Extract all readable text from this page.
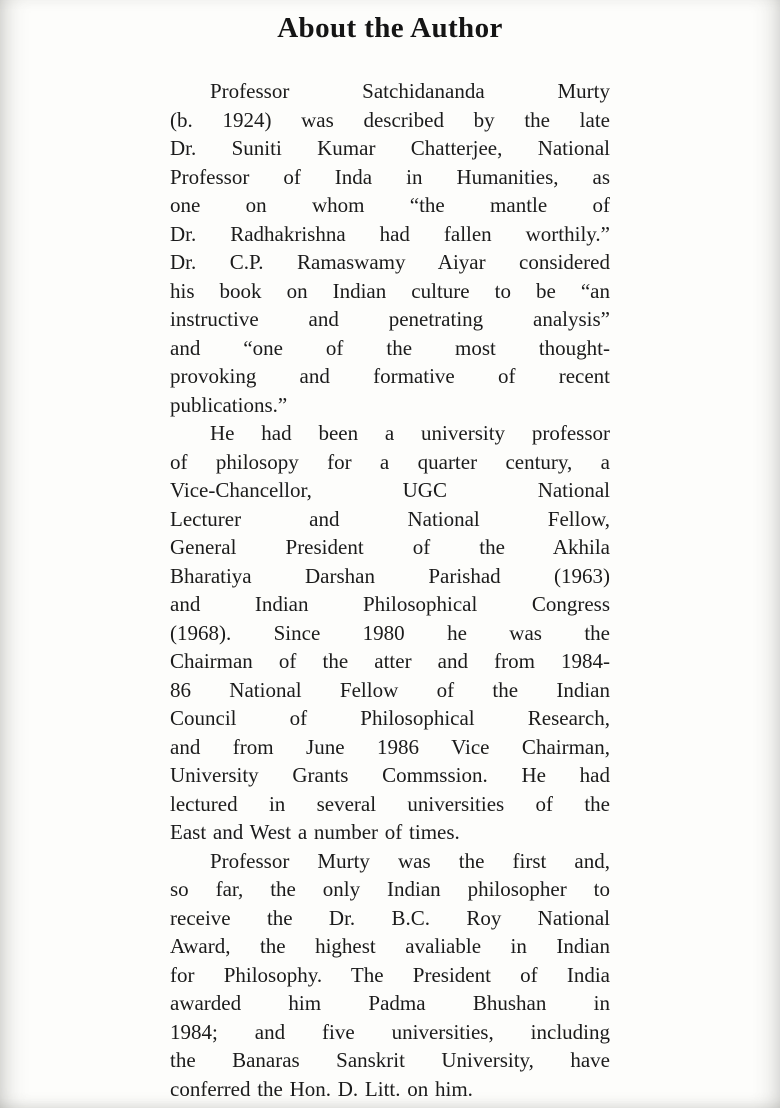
About the Author
Professor Satchidananda Murty
(b. 1924) was described by the late
Dr. Suniti Kumar Chatterjee, National
Professor of Inda in Humanities, as
one on whom “the mantle of
Dr. Radhakrishna had fallen worthily.”
Dr. C.P. Ramaswamy Aiyar considered
his book on Indian culture to be “an
instructive and penetrating analysis”
and “one of the most thought-
provoking and formative of recent
publications.”
He had been a university professor
of philosopy for a quarter century, a
Vice-Chancellor, UGC National
Lecturer and National Fellow,
General President of the Akhila
Bharatiya Darshan Parishad (1963)
and Indian Philosophical Congress
(1968). Since 1980 he was the
Chairman of the atter and from 1984-
86 National Fellow of the Indian
Council of Philosophical Research,
and from June 1986 Vice Chairman,
University Grants Commssion. He had
lectured in several universities of the
East and West a number of times.
Professor Murty was the first and,
so far, the only Indian philosopher to
receive the Dr. B.C. Roy National
Award, the highest avaliable in Indian
for Philosophy. The President of India
awarded him Padma Bhushan in
1984; and five universities, including
the Banaras Sanskrit University, have
conferred the Hon. D. Litt. on him.
